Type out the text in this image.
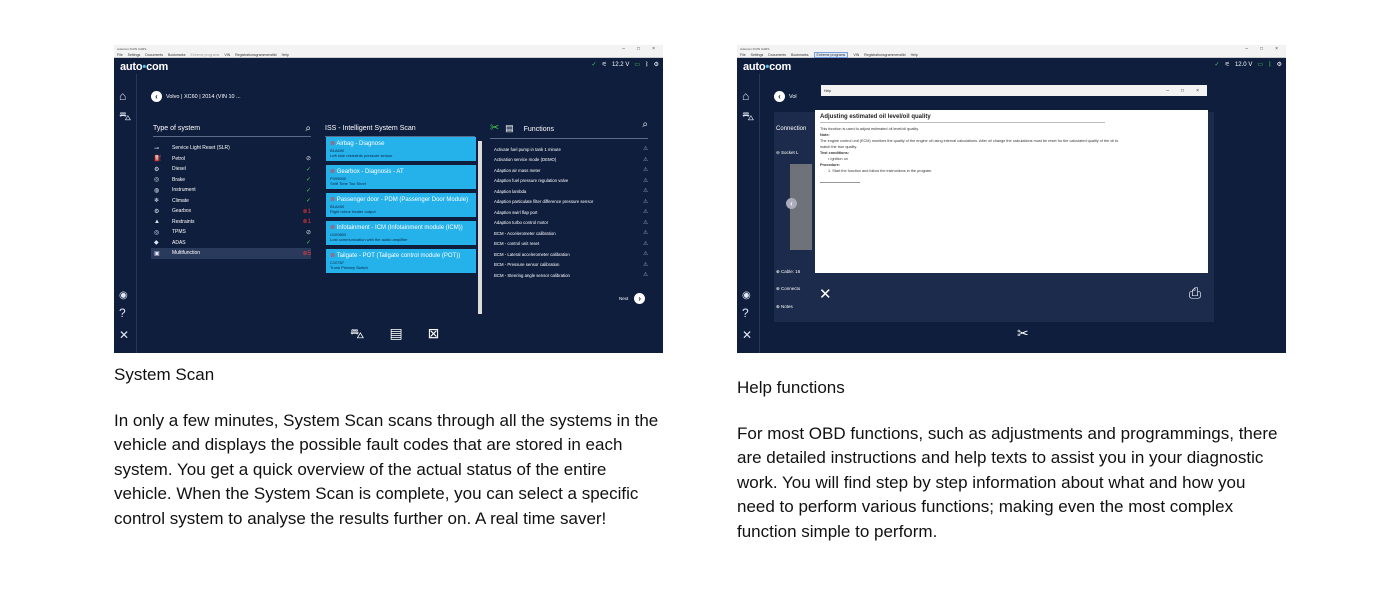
Autocom ICON CARS	– □ ×
File Settings Documents Bookmarks Extreme programs VIN Registrationsgrammenstikt Help
auto•com	✓ ⚟ 12.2 V ▭ ᛒ ⚙
⌂
⛍
◉
?
✕
‹	Volvo | XC60 | 2014 (VIN 10 ...
Type of system	⌕
⊸	Service Light Reset (SLR)
⛽	Petrol	⊘
⚙	Diesel	✓
◎	Brake	✓
◍	Instrument	✓
❄	Climate	✓
⚙	Gearbox	⊗1
▲	Restraints	⊗1
◎	TPMS	⊘
◆	ADAS	✓
▣	Multifunction	⊗5
ISS - Intelligent System Scan
⊗ Airbag - Diagnose
B1A690
Left side restraints pressure sensor
⊗ Gearbox - Diagnosis - AT
P099500
Shift Time Too Short
⊗ Passenger door - PDM (Passenger Door Module)
B1A400
Right mirror heater output
⊗ Infotainment - ICM (Infotainment module (ICM))
U100800
Lost communication with the audio amplifier
⊗ Tailgate - POT (Tailgate control module (POT))
C10787
Trunk Primary Switch
✂ ▤ Functions	⌕
Activate fuel pump in tank 1 minute	⚠
Activation service mode (DEMO)	⚠
Adaption air mass meter	⚠
Adaption fuel pressure regulation valve	⚠
Adaption lambda	⚠
Adaption particulate filter difference pressure sensor	⚠
Adaption swirl flap port	⚠
Adaption turbo control motor	⚠
BCM - Accelerometer calibration	⚠
BCM - control unit reset	⚠
BCM - Lateral accelerometer calibration	⚠
BCM - Pressure sensor calibration	⚠
BCM - Steering angle sensor calibration	⚠
Next	›
⛍ ▤ ⊠
System Scan
In only a few minutes, System Scan scans through all the systems in the vehicle and displays the possible fault codes that are stored in each system. You get a quick overview of the actual status of the entire vehicle. When the System Scan is complete, you can select a specific control system to analyse the results further on. A real time saver!
Autocom ICON CARS	– □ ×
File Settings Documents Bookmarks	Extreme programs	VIN Registrationsgrammenstikt Help
auto•com	✓ ⚟ 12.0 V ▭ ᛒ ⚙
⌂
⛍
◉
?
✕
‹	Vol
Connection
⊖ Socket L
‹
⊕ Cable: 16
⊕ Connecto
⊕ Notes
Help	– □ ×
Adjusting estimated oil level/oil quality
This function is used to adjust estimated oil level/oil quality.
Note:
The engine control unit (ECM) monitors the quality of the engine oil using internal calculations. After oil change the calculations must be reset for the calculated quality of the oil to match the true quality.
Test conditions:
• Ignition on
Procedure:
1. Start the function and follow the instructions in the program.
✕	⎙
✂
Help functions
For most OBD functions, such as adjustments and programmings, there are detailed instructions and help texts to assist you in your diagnostic work. You will find step by step information about what and how you need to perform various functions; making even the most complex function simple to perform.
